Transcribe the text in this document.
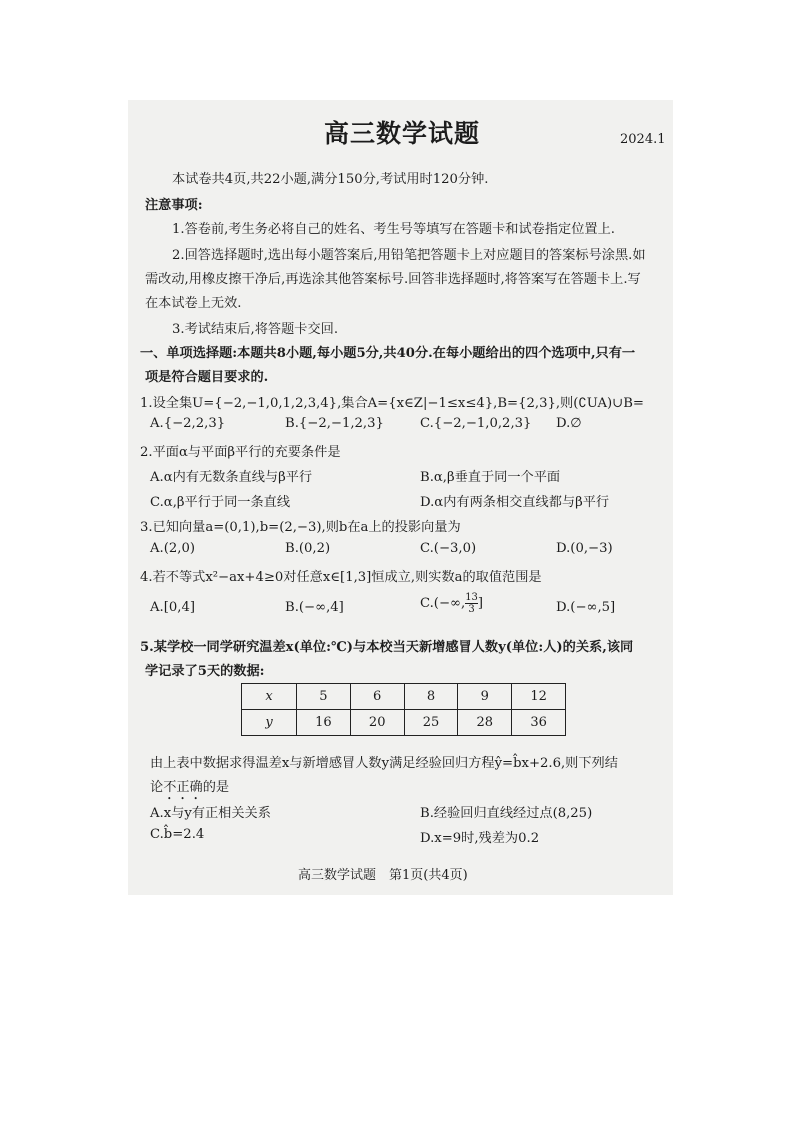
高三数学试题	2024.1
本试卷共4页,共22小题,满分150分,考试用时120分钟.
注意事项:
1.答卷前,考生务必将自己的姓名、考生号等填写在答题卡和试卷指定位置上.
2.回答选择题时,选出每小题答案后,用铅笔把答题卡上对应题目的答案标号涂黑.如
需改动,用橡皮擦干净后,再选涂其他答案标号.回答非选择题时,将答案写在答题卡上.写
在本试卷上无效.
3.考试结束后,将答题卡交回.
一、单项选择题:本题共8小题,每小题5分,共40分.在每小题给出的四个选项中,只有一
项是符合题目要求的.
1.设全集U={−2,−1,0,1,2,3,4},集合A={x∈Z|−1≤x≤4},B={2,3},则(∁UA)∪B=
A.{−2,2,3}	B.{−2,−1,2,3}	C.{−2,−1,0,2,3} D.∅
2.平面α与平面β平行的充要条件是
A.α内有无数条直线与β平行	B.α,β垂直于同一个平面
C.α,β平行于同一条直线	D.α内有两条相交直线都与β平行
3.已知向量a=(0,1),b=(2,−3),则b在a上的投影向量为
A.(2,0)	B.(0,2)	C.(−3,0)	D.(0,−3)
4.若不等式x²−ax+4≥0对任意x∈[1,3]恒成立,则实数a的取值范围是
A.[0,4]	B.(−∞,4]	$C.(-\infty,\frac{13}{3}$ ]	D.(−∞,5]
5.某学校一同学研究温差x(单位:℃)与本校当天新增感冒人数y(单位:人)的关系,该同
学记录了5天的数据:
x	5	6	8	9	12
y	16	20	25	28	36
由上表中数据求得温差x与新增感冒人数y满足经验回归方程ŷ=b̂x+2.6,则下列结
论不正确的是
A.x与y有正相关关系	B.经验回归直线经过点(8,25)
C.b̂=2.4	D.x=9时,残差为0.2
高三数学试题　第1页(共4页)
